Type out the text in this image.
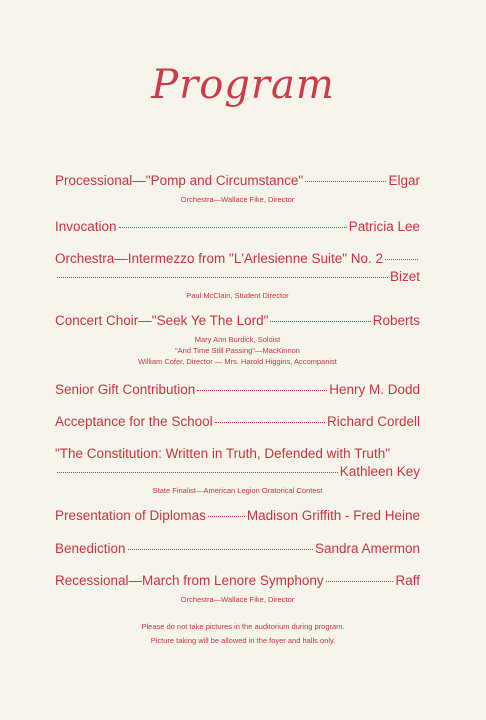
Program
Processional—"Pomp and Circumstance"	Elgar
Orchestra—Wallace Fike, Director
Invocation	Patricia Lee
Orchestra—Intermezzo from "L'Arlesienne Suite" No. 2
Bizet
Paul McClain, Student Director
Concert Choir—"Seek Ye The Lord"	Roberts
Mary Ann Burdick, Soloist
"And Time Still Passing"—MacKinnon
William Cofer, Director — Mrs. Harold Higgins, Accompanist
Senior Gift Contribution	Henry M. Dodd
Acceptance for the School	Richard Cordell
"The Constitution: Written in Truth, Defended with Truth"
Kathleen Key
State Finalist—American Legion Oratorical Contest
Presentation of Diplomas	Madison Griffith - Fred Heine
Benediction	Sandra Amermon
Recessional—March from Lenore Symphony	Raff
Orchestra—Wallace Fike, Director
Please do not take pictures in the auditorium during program.
Picture taking will be allowed in the foyer and halls only.
